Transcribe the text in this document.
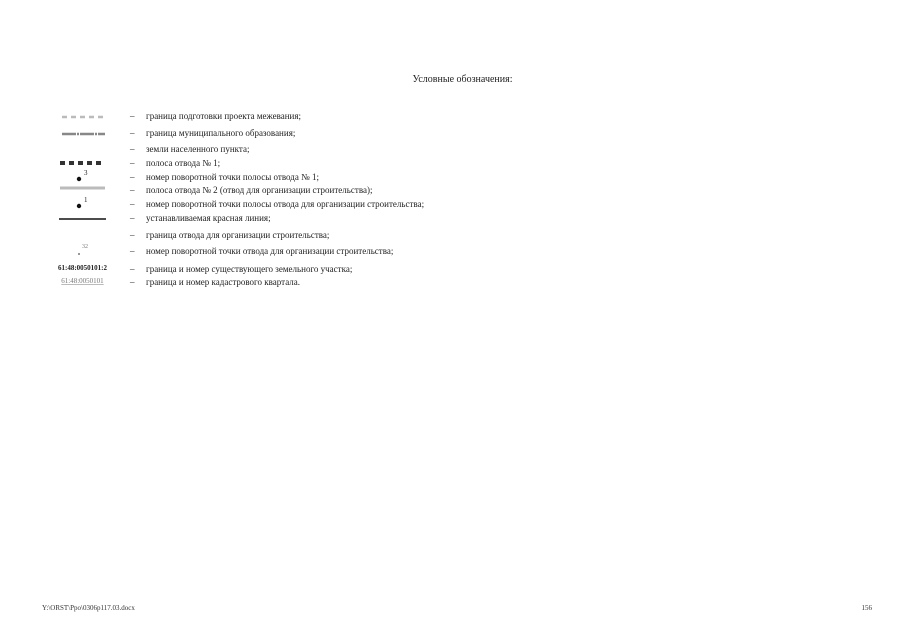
Условные обозначения:
– граница подготовки проекта межевания;
– граница муниципального образования;
– земли населенного пункта;
– полоса отвода № 1;
3	– номер поворотной точки полосы отвода № 1;
– полоса отвода № 2 (отвод для организации строительства);
1	– номер поворотной точки полосы отвода для организации строительства;
– устанавливаемая красная линия;
– граница отвода для организации строительства;
32	– номер поворотной точки отвода для организации строительства;
61:48:0050101:2	– граница и номер существующего земельного участка;
61:48:0050101	– граница и номер кадастрового квартала.
Y:\ORST\Ppo\0306p117.03.docx	156
